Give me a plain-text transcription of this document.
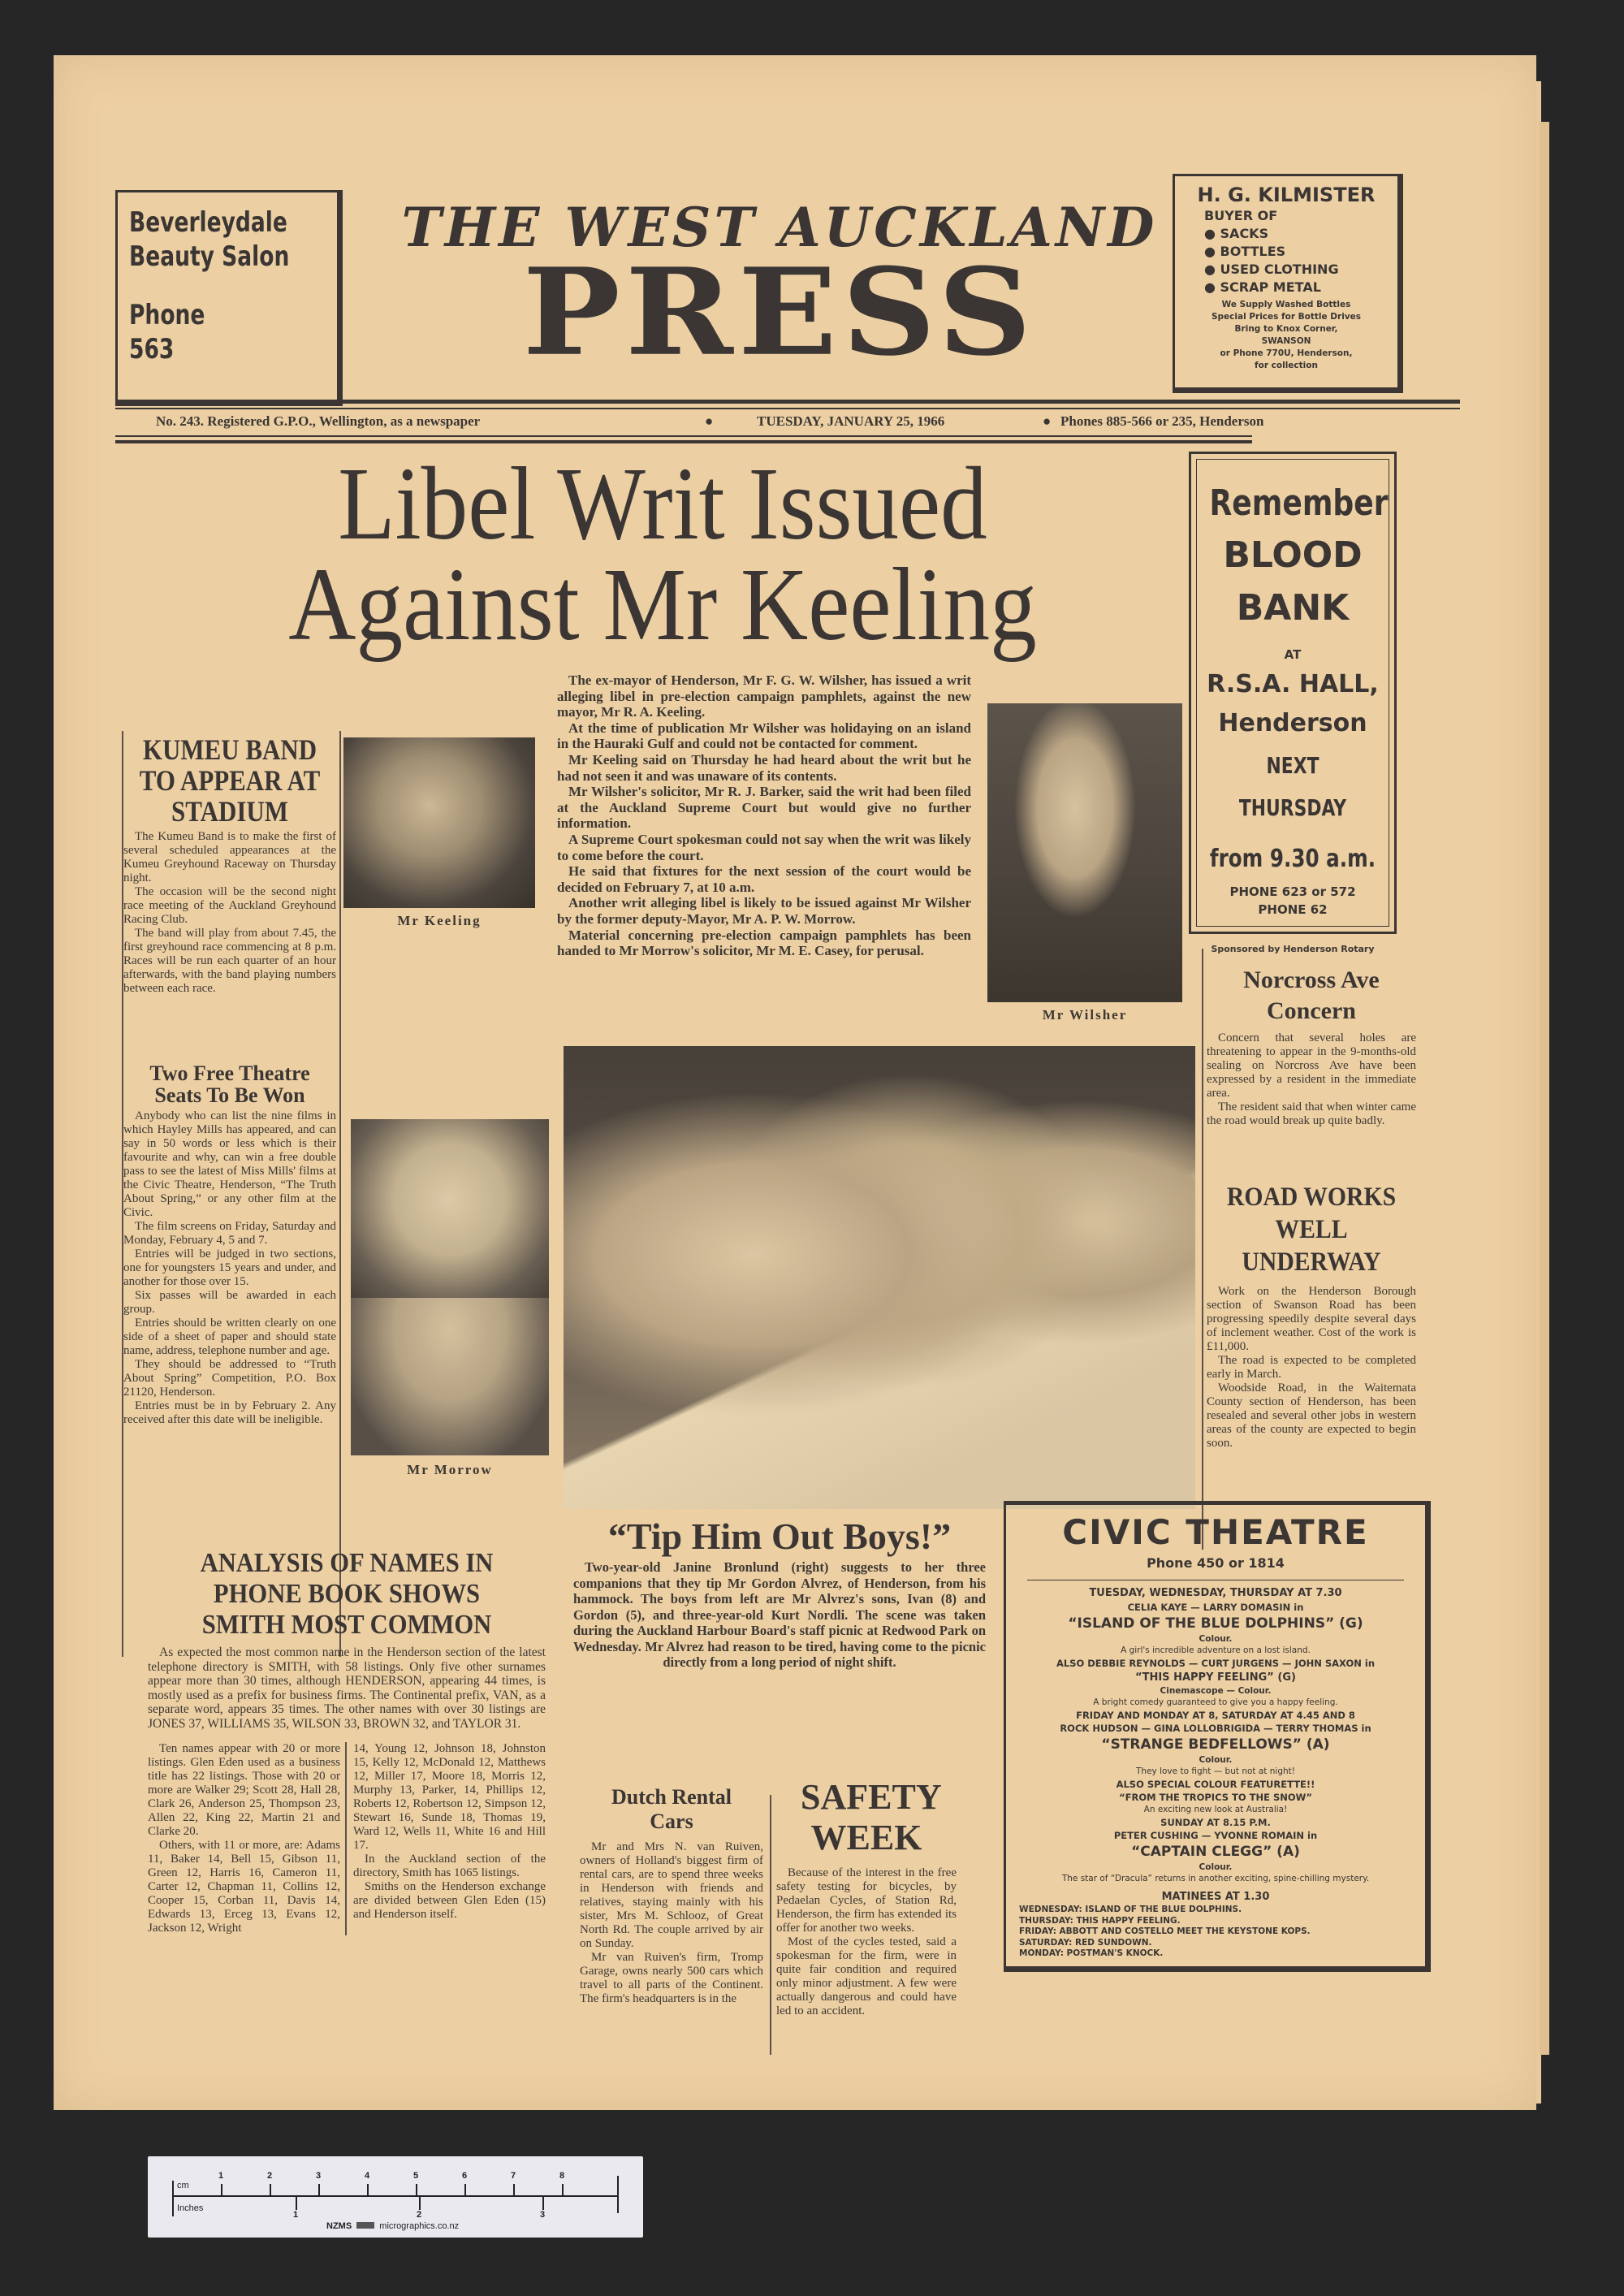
Beverleydale
Beauty Salon
Phone
563
THE WEST AUCKLAND
PRESS
H. G. KILMISTER
BUYER OF
● SACKS
● BOTTLES
● USED CLOTHING
● SCRAP METAL
We Supply Washed Bottles
Special Prices for Bottle Drives
Bring to Knox Corner,
SWANSON
or Phone 770U, Henderson,
for collection
No. 243. Registered G.P.O., Wellington, as a newspaper	●	TUESDAY, JANUARY 25, 1966	● Phones 885-566 or 235, Henderson
Libel Writ Issued
Against Mr Keeling
Remember
BLOOD
BANK
AT
R.S.A. HALL,
Henderson
NEXT THURSDAY
from 9.30 a.m.
PHONE 623 or 572
PHONE 62
Sponsored by Henderson Rotary
KUMEU BAND TO APPEAR AT STADIUM

The Kumeu Band is to make the first of several scheduled appearances at the Kumeu Greyhound Raceway on Thursday night.

The occasion will be the second night race meeting of the Auckland Greyhound Racing Club.

The band will play from about 7.45, the first greyhound race commencing at 8 p.m. Races will be run each quarter of an hour afterwards, with the band playing numbers between each race.

Two Free Theatre Seats To Be Won

Anybody who can list the nine films in which Hayley Mills has appeared, and can say in 50 words or less which is their favourite and why, can win a free double pass to see the latest of Miss Mills' films at the Civic Theatre, Henderson, “The Truth About Spring,” or any other film at the Civic.

The film screens on Friday, Saturday and Monday, February 4, 5 and 7.

Entries will be judged in two sections, one for youngsters 15 years and under, and another for those over 15.

Six passes will be awarded in each group.

Entries should be written clearly on one side of a sheet of paper and should state name, address, telephone number and age.

They should be addressed to “Truth About Spring” Competition, P.O. Box 21120, Henderson.

Entries must be in by February 2. Any received after this date will be ineligible.

Mr Keeling
Mr Morrow
Mr Wilsher

The ex-mayor of Henderson, Mr F. G. W. Wilsher, has issued a writ alleging libel in pre-election campaign pamphlets, against the new mayor, Mr R. A. Keeling.

At the time of publication Mr Wilsher was holidaying on an island in the Hauraki Gulf and could not be contacted for comment.

Mr Keeling said on Thursday he had heard about the writ but he had not seen it and was unaware of its contents.

Mr Wilsher's solicitor, Mr R. J. Barker, said the writ had been filed at the Auckland Supreme Court but would give no further information.

A Supreme Court spokesman could not say when the writ was likely to come before the court.

He said that fixtures for the next session of the court would be decided on February 7, at 10 a.m.

Another writ alleging libel is likely to be issued against Mr Wilsher by the former deputy-Mayor, Mr A. P. W. Morrow.

Material concerning pre-election campaign pamphlets has been handed to Mr Morrow's solicitor, Mr M. E. Casey, for perusal.

Norcross Ave Concern

Concern that several holes are threatening to appear in the 9-months-old sealing on Norcross Ave have been expressed by a resident in the immediate area.

The resident said that when winter came the road would break up quite badly.

ROAD WORKS WELL UNDERWAY

Work on the Henderson Borough section of Swanson Road has been progressing speedily despite several days of inclement weather. Cost of the work is £11,000.

The road is expected to be completed early in March.

Woodside Road, in the Waitemata County section of Henderson, has been resealed and several other jobs in western areas of the county are expected to begin soon.

ANALYSIS OF NAMES IN PHONE BOOK SHOWS SMITH MOST COMMON

As expected the most common name in the Henderson section of the latest telephone directory is SMITH, with 58 listings. Only five other surnames appear more than 30 times, although HENDERSON, appearing 44 times, is mostly used as a prefix for business firms. The Continental prefix, VAN, as a separate word, appears 35 times. The other names with over 30 listings are JONES 37, WILLIAMS 35, WILSON 33, BROWN 32, and TAYLOR 31.

Ten names appear with 20 or more listings. Glen Eden used as a business title has 22 listings. Those with 20 or more are Walker 29; Scott 28, Hall 28, Clark 26, Anderson 25, Thompson 23, Allen 22, King 22, Martin 21 and Clarke 20.

Others, with 11 or more, are: Adams 11, Baker 14, Bell 15, Gibson 11, Green 12, Harris 16, Cameron 11, Carter 12, Chapman 11, Collins 12, Cooper 15, Corban 11, Davis 14, Edwards 13, Erceg 13, Evans 12, Jackson 12, Wright

14, Young 12, Johnson 18, Johnston 15, Kelly 12, McDonald 12, Matthews 12, Miller 17, Moore 18, Morris 12, Murphy 13, Parker, 14, Phillips 12, Roberts 12, Robertson 12, Simpson 12, Stewart 16, Sunde 18, Thomas 19, Ward 12, Wells 11, White 16 and Hill 17.

In the Auckland section of the directory, Smith has 1065 listings.

Smiths on the Henderson exchange are divided between Glen Eden (15) and Henderson itself.

“Tip Him Out Boys!”

Two-year-old Janine Bronlund (right) suggests to her three companions that they tip Mr Gordon Alvrez, of Henderson, from his hammock. The boys from left are Mr Alvrez's sons, Ivan (8) and Gordon (5), and three-year-old Kurt Nordli. The scene was taken during the Auckland Harbour Board's staff picnic at Redwood Park on Wednesday. Mr Alvrez had reason to be tired, having come to the picnic directly from a long period of night shift.

Dutch Rental Cars

Mr and Mrs N. van Ruiven, owners of Holland's biggest firm of rental cars, are to spend three weeks in Henderson with friends and relatives, staying mainly with his sister, Mrs M. Schlooz, of Great North Rd. The couple arrived by air on Sunday.

Mr van Ruiven's firm, Tromp Garage, owns nearly 500 cars which travel to all parts of the Continent. The firm's headquarters is in the

SAFETY WEEK

Because of the interest in the free safety testing for bicycles, by Pedaelan Cycles, of Station Rd, Henderson, the firm has extended its offer for another two weeks.

Most of the cycles tested, said a spokesman for the firm, were in quite fair condition and required only minor adjustment. A few were actually dangerous and could have led to an accident.

CIVIC THEATRE
Phone 450 or 1814
TUESDAY, WEDNESDAY, THURSDAY AT 7.30
CELIA KAYE — LARRY DOMASIN in
“ISLAND OF THE BLUE DOLPHINS” (G)
Colour.
A girl's incredible adventure on a lost island.
ALSO DEBBIE REYNOLDS — CURT JURGENS — JOHN SAXON in
“THIS HAPPY FEELING” (G)
Cinemascope — Colour.
A bright comedy guaranteed to give you a happy feeling.
FRIDAY AND MONDAY AT 8, SATURDAY AT 4.45 AND 8
ROCK HUDSON — GINA LOLLOBRIGIDA — TERRY THOMAS in
“STRANGE BEDFELLOWS” (A)
Colour.
They love to fight — but not at night!
ALSO SPECIAL COLOUR FEATURETTE!!
“FROM THE TROPICS TO THE SNOW”
An exciting new look at Australia!
SUNDAY AT 8.15 P.M.
PETER CUSHING — YVONNE ROMAIN in
“CAPTAIN CLEGG” (A)
Colour.
The star of “Dracula” returns in another exciting, spine-chilling mystery.
MATINEES AT 1.30
WEDNESDAY: ISLAND OF THE BLUE DOLPHINS.
THURSDAY: THIS HAPPY FEELING.
FRIDAY: ABBOTT AND COSTELLO MEET THE KEYSTONE KOPS.
SATURDAY: RED SUNDOWN.
MONDAY: POSTMAN'S KNOCK.
cm
Inches
1	2	3	4	5	6	7	8
1	2	3
NZMS	micrographics.co.nz
